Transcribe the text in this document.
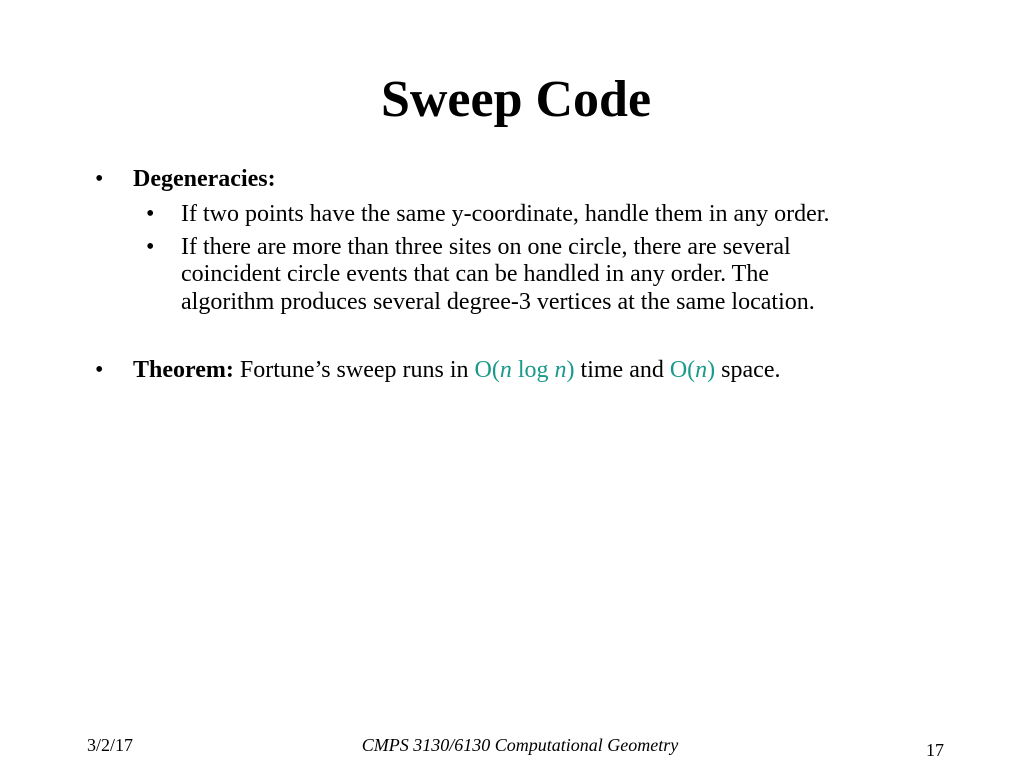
Sweep Code
• Degeneracies:
• If two points have the same y-coordinate, handle them in any order.
• If there are more than three sites on one circle, there are several
coincident circle events that can be handled in any order. The
algorithm produces several degree-3 vertices at the same location.
• Theorem: Fortune’s sweep runs in O(n log n) time and O(n) space.
3/2/17	CMPS 3130/6130 Computational Geometry	17
